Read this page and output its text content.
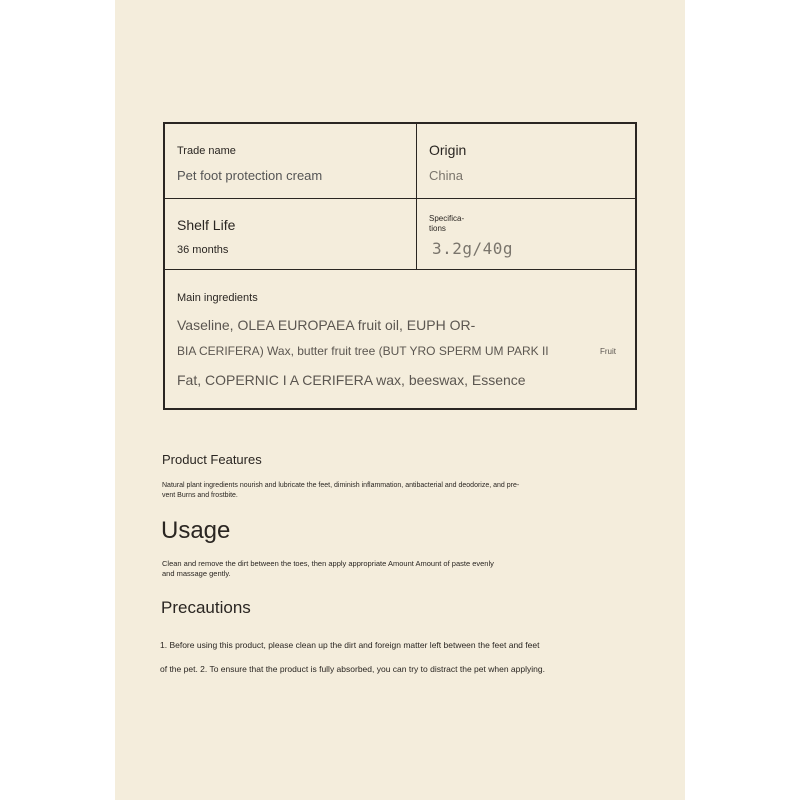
Trade name
Pet foot protection cream
Origin
China
Shelf Life
36 months
Specifica-
tions
3.2g/40g
Main ingredients
Vaseline, OLEA EUROPAEA fruit oil, EUPH OR-
BIA CERIFERA) Wax, butter fruit tree (BUT YRO SPERM UM PARK II	Fruit
Fat, COPERNIC I A CERIFERA wax, beeswax, Essence
Product Features
Natural plant ingredients nourish and lubricate the feet, diminish inflammation, antibacterial and deodorize, and pre-
vent Burns and frostbite.
Usage
Clean and remove the dirt between the toes, then apply appropriate Amount Amount of paste evenly
and massage gently.
Precautions
1. Before using this product, please clean up the dirt and foreign matter left between the feet and feet
of the pet. 2. To ensure that the product is fully absorbed, you can try to distract the pet when applying.
